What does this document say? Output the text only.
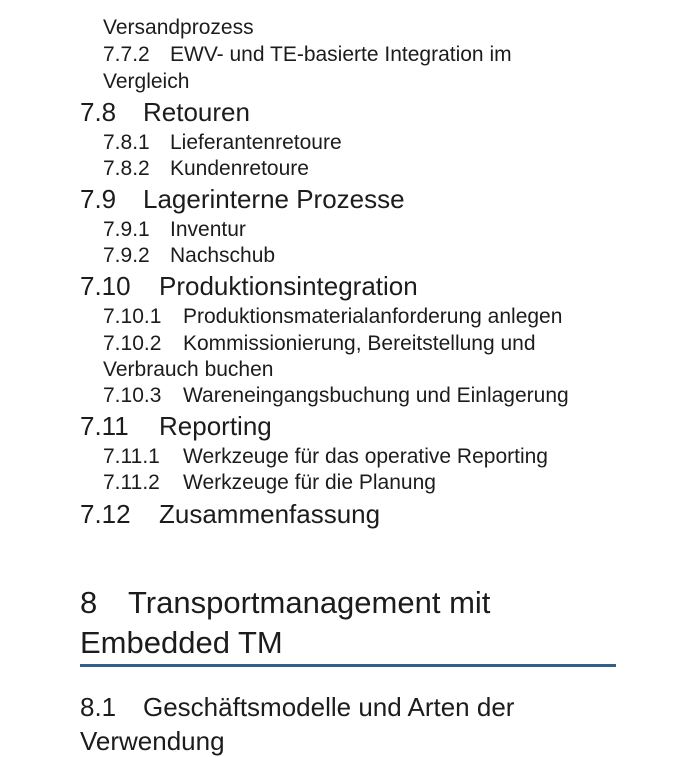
Versandprozess
7.7.2 EWV- und TE-basierte Integration im
Vergleich
7.8 Retouren
7.8.1 Lieferantenretoure
7.8.2 Kundenretoure
7.9 Lagerinterne Prozesse
7.9.1 Inventur
7.9.2 Nachschub
7.10 Produktionsintegration
7.10.1 Produktionsmaterialanforderung anlegen
7.10.2 Kommissionierung, Bereitstellung und
Verbrauch buchen
7.10.3 Wareneingangsbuchung und Einlagerung
7.11 Reporting
7.11.1 Werkzeuge für das operative Reporting
7.11.2 Werkzeuge für die Planung
7.12 Zusammenfassung
8 Transportmanagement mit
Embedded TM
8.1 Geschäftsmodelle und Arten der
Verwendung
